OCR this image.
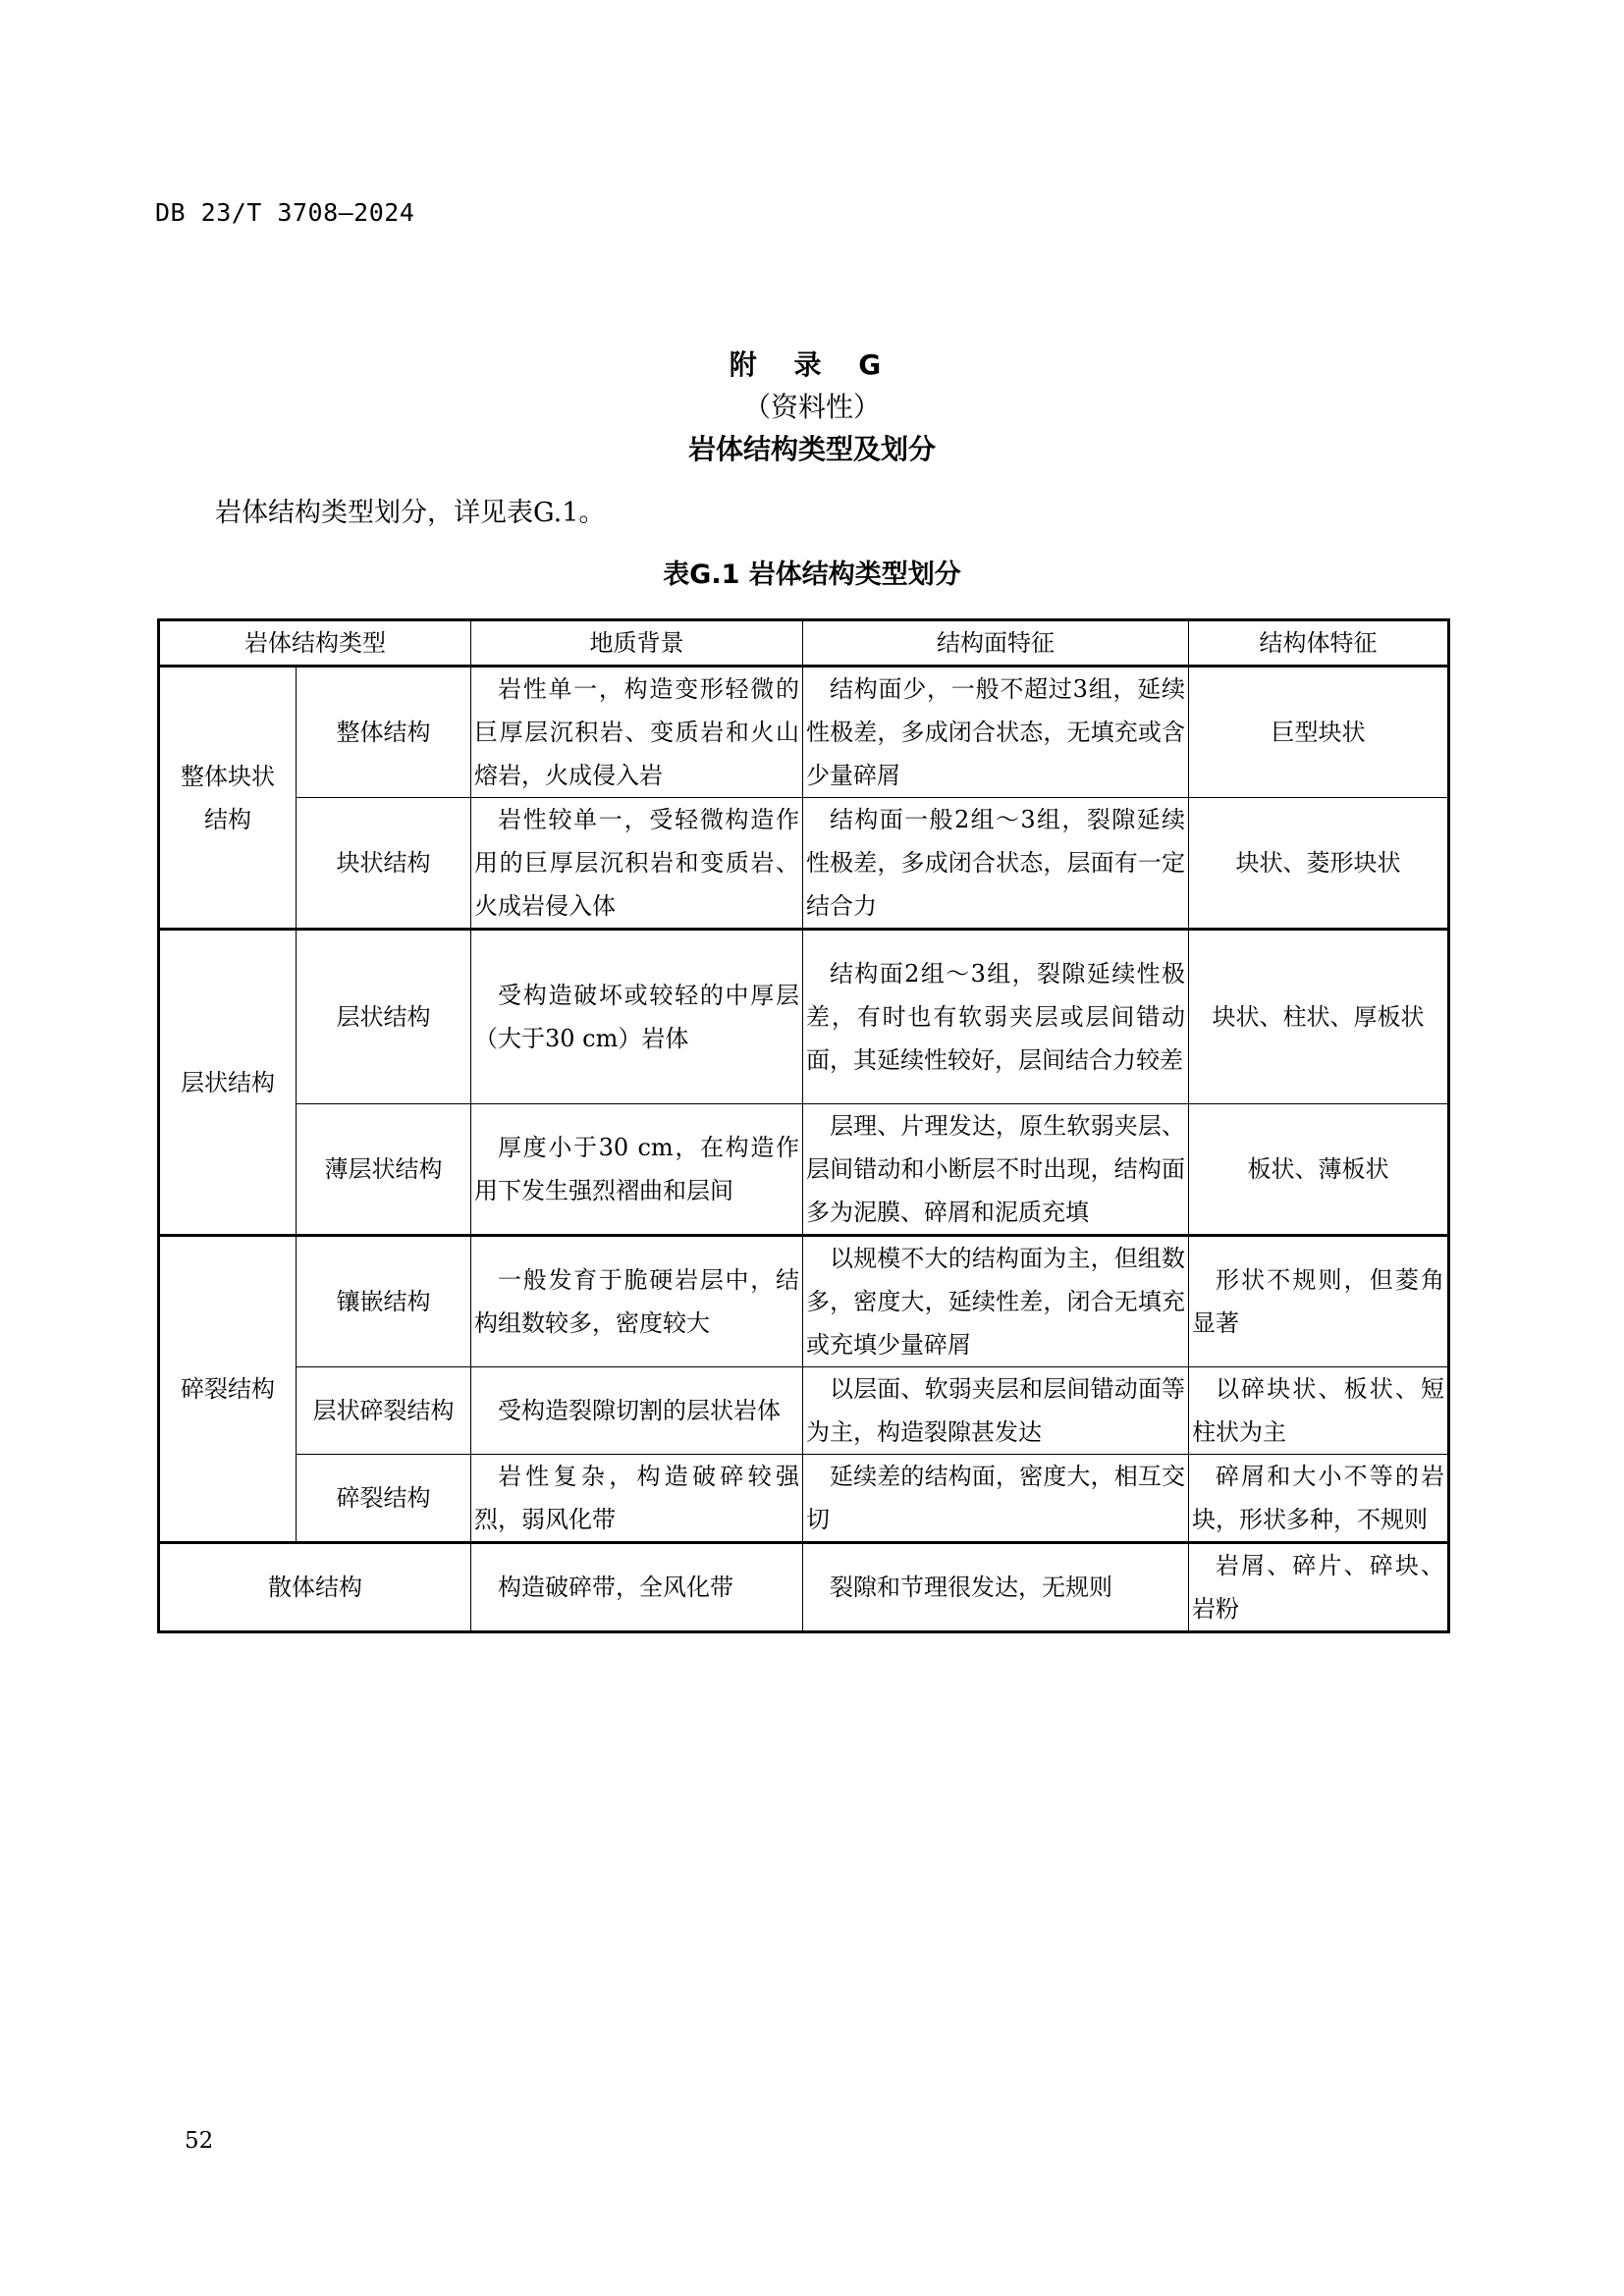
DB 23/T 3708—2024
附 录 G
（资料性）
岩体结构类型及划分
岩体结构类型划分，详见表G.1。
表G.1 岩体结构类型划分
岩体结构类型		地质背景	结构面特征	结构体特征
整体块状结构	整体结构	岩性单一，构造变形轻微的巨厚层沉积岩、变质岩和火山熔岩，火成侵入岩	结构面少，一般不超过3组，延续性极差，多成闭合状态，无填充或含少量碎屑	巨型块状
	块状结构	岩性较单一，受轻微构造作用的巨厚层沉积岩和变质岩、火成岩侵入体	结构面一般2组～3组，裂隙延续性极差，多成闭合状态，层面有一定结合力	块状、菱形块状
层状结构	层状结构	受构造破坏或较轻的中厚层（大于30 cm）岩体	结构面2组～3组，裂隙延续性极差，有时也有软弱夹层或层间错动面，其延续性较好，层间结合力较差	块状、柱状、厚板状
	薄层状结构	厚度小于30 cm，在构造作用下发生强烈褶曲和层间	层理、片理发达，原生软弱夹层、层间错动和小断层不时出现，结构面多为泥膜、碎屑和泥质充填	板状、薄板状
碎裂结构	镶嵌结构	一般发育于脆硬岩层中，结构组数较多，密度较大	以规模不大的结构面为主，但组数多，密度大，延续性差，闭合无填充或充填少量碎屑	形状不规则，但菱角显著
	层状碎裂结构	受构造裂隙切割的层状岩体	以层面、软弱夹层和层间错动面等为主，构造裂隙甚发达	以碎块状、板状、短柱状为主
	碎裂结构	岩性复杂，构造破碎较强烈，弱风化带	延续差的结构面，密度大，相互交切	碎屑和大小不等的岩块，形状多种，不规则
散体结构		构造破碎带，全风化带	裂隙和节理很发达，无规则	岩屑、碎片、碎块、岩粉
52
